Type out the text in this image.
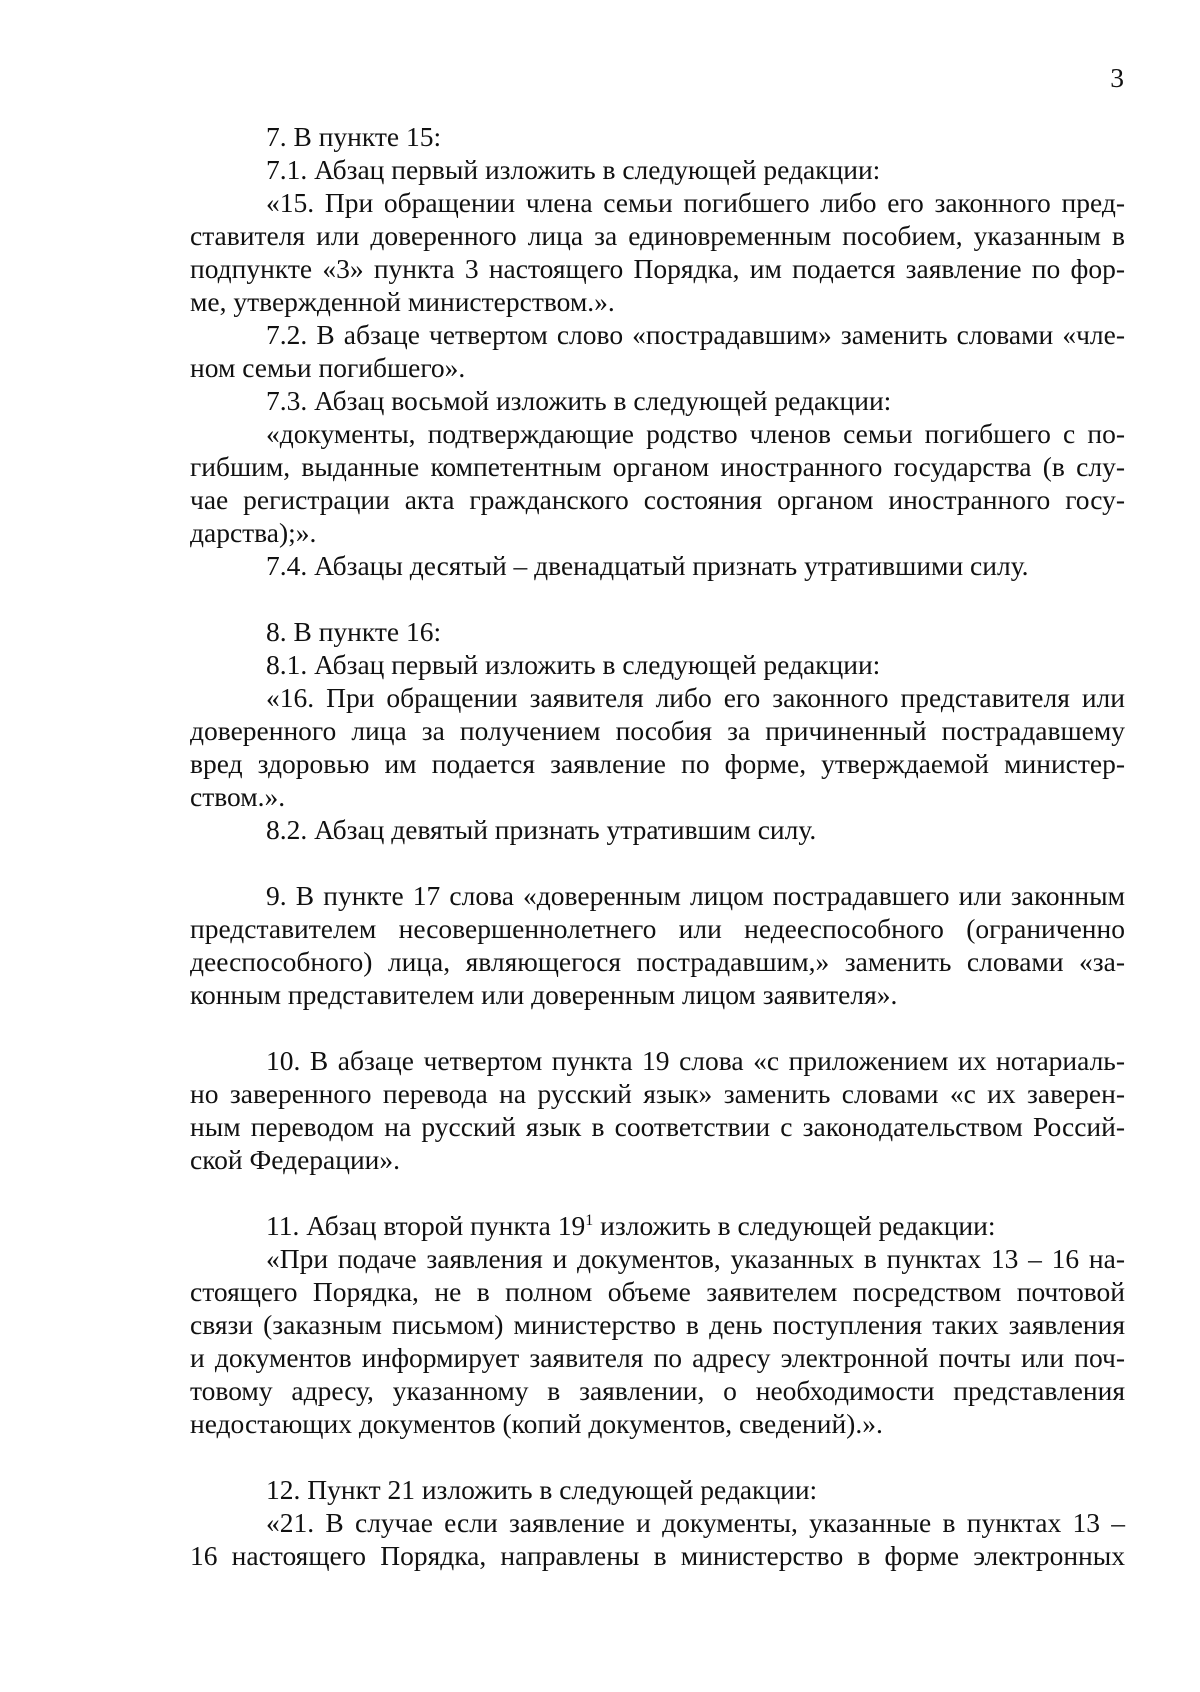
3
7. В пункте 15:
7.1. Абзац первый изложить в следующей редакции:
«15. При обращении члена семьи погибшего либо его законного пред-
ставителя или доверенного лица за единовременным пособием, указанным в
подпункте «3» пункта 3 настоящего Порядка, им подается заявление по фор-
ме, утвержденной министерством.».
7.2. В абзаце четвертом слово «пострадавшим» заменить словами «чле-
ном семьи погибшего».
7.3. Абзац восьмой изложить в следующей редакции:
«документы, подтверждающие родство членов семьи погибшего с по-
гибшим, выданные компетентным органом иностранного государства (в слу-
чае регистрации акта гражданского состояния органом иностранного госу-
дарства);».
7.4. Абзацы десятый – двенадцатый признать утратившими силу.
8. В пункте 16:
8.1. Абзац первый изложить в следующей редакции:
«16. При обращении заявителя либо его законного представителя или
доверенного лица за получением пособия за причиненный пострадавшему
вред здоровью им подается заявление по форме, утверждаемой министер-
ством.».
8.2. Абзац девятый признать утратившим силу.
9. В пункте 17 слова «доверенным лицом пострадавшего или законным
представителем несовершеннолетнего или недееспособного (ограниченно
дееспособного) лица, являющегося пострадавшим,» заменить словами «за-
конным представителем или доверенным лицом заявителя».
10. В абзаце четвертом пункта 19 слова «с приложением их нотариаль-
но заверенного перевода на русский язык» заменить словами «с их заверен-
ным переводом на русский язык в соответствии с законодательством Россий-
ской Федерации».
11. Абзац второй пункта $19^1$ изложить в следующей редакции:
«При подаче заявления и документов, указанных в пунктах 13 – 16 на-
стоящего Порядка, не в полном объеме заявителем посредством почтовой
связи (заказным письмом) министерство в день поступления таких заявления
и документов информирует заявителя по адресу электронной почты или поч-
товому адресу, указанному в заявлении, о необходимости представления
недостающих документов (копий документов, сведений).».
12. Пункт 21 изложить в следующей редакции:
«21. В случае если заявление и документы, указанные в пунктах 13 –
16 настоящего Порядка, направлены в министерство в форме электронных
